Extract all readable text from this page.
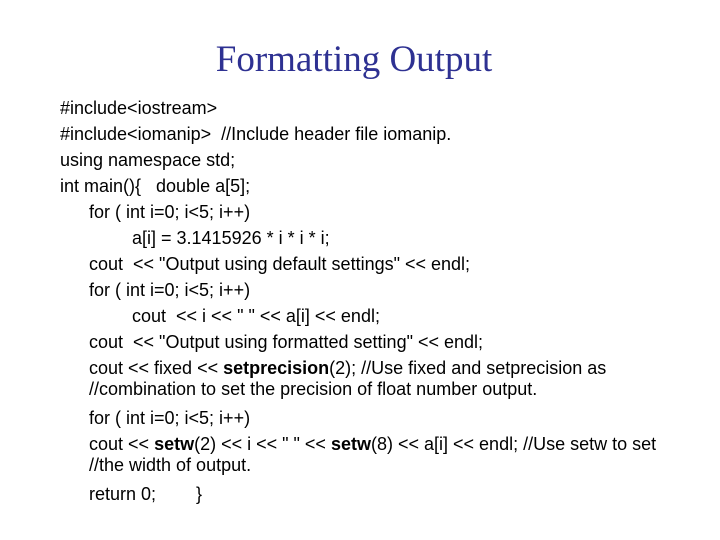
Formatting Output
#include<iostream>
#include<iomanip>  //Include header file iomanip.
using namespace std;
int main(){   double a[5];
for ( int i=0; i<5; i++)
a[i] = 3.1415926 * i * i * i;
cout  << "Output using default settings" << endl;
for ( int i=0; i<5; i++)
cout  << i << " " << a[i] << endl;
cout  << "Output using formatted setting" << endl;
cout << fixed << setprecision(2); //Use fixed and setprecision as //combination to set the precision of float number output.
for ( int i=0; i<5; i++)
cout << setw(2) << i << " " << setw(8) << a[i] << endl; //Use setw to set //the width of output.
return 0;        }
